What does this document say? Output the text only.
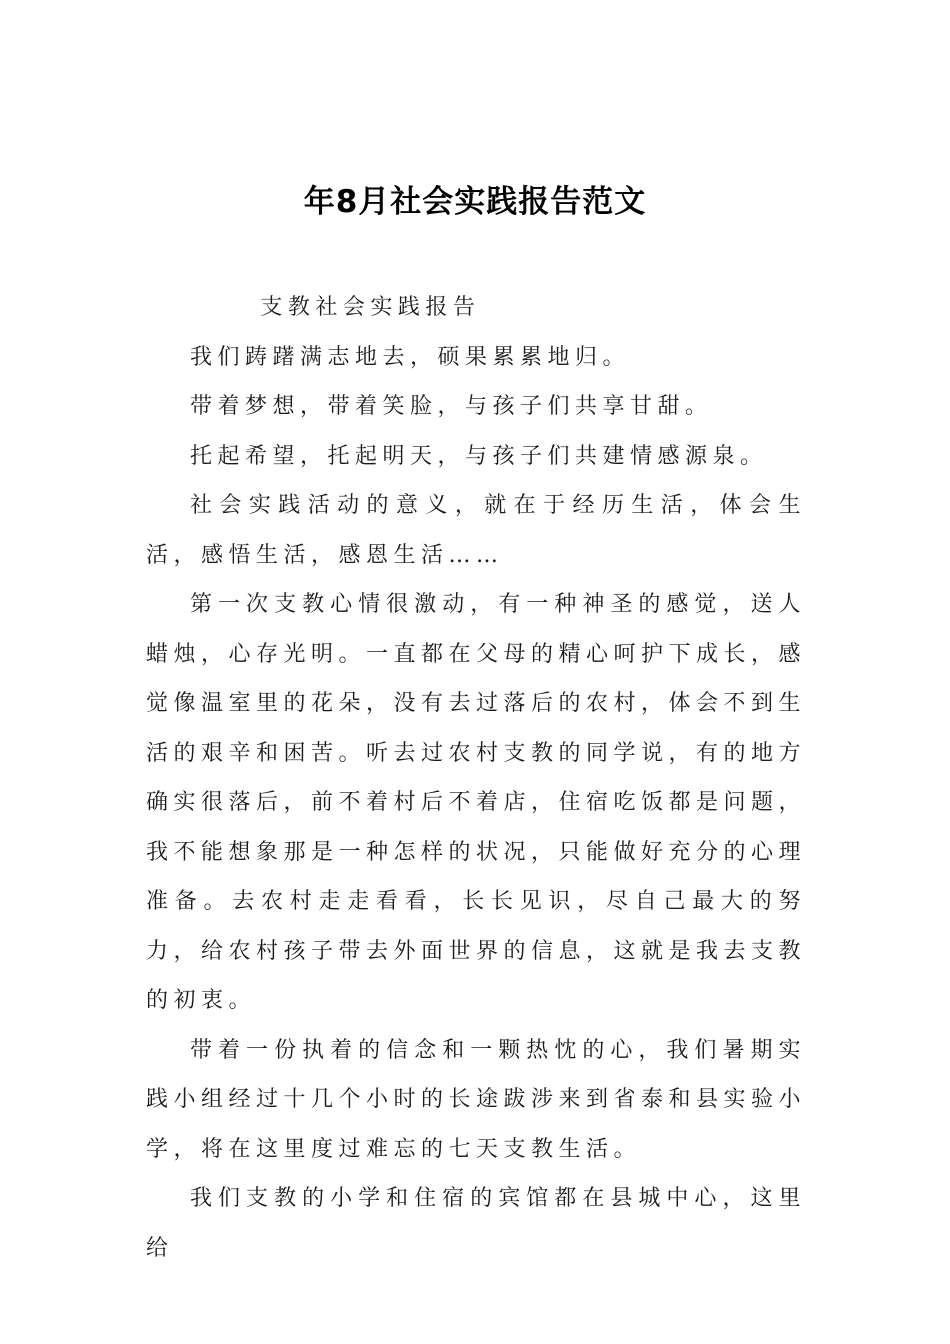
年8月社会实践报告范文

支教社会实践报告

我们踌躇满志地去，硕果累累地归。

带着梦想，带着笑脸，与孩子们共享甘甜。

托起希望，托起明天，与孩子们共建情感源泉。

社会实践活动的意义，就在于经历生活，体会生活，感悟生活，感恩生活……

第一次支教心情很激动，有一种神圣的感觉，送人蜡烛，心存光明。一直都在父母的精心呵护下成长，感觉像温室里的花朵，没有去过落后的农村，体会不到生活的艰辛和困苦。听去过农村支教的同学说，有的地方确实很落后，前不着村后不着店，住宿吃饭都是问题，我不能想象那是一种怎样的状况，只能做好充分的心理准备。去农村走走看看，长长见识，尽自己最大的努力，给农村孩子带去外面世界的信息，这就是我去支教的初衷。

带着一份执着的信念和一颗热忱的心，我们暑期实践小组经过十几个小时的长途跋涉来到省泰和县实验小学，将在这里度过难忘的七天支教生活。

我们支教的小学和住宿的宾馆都在县城中心，这里给
